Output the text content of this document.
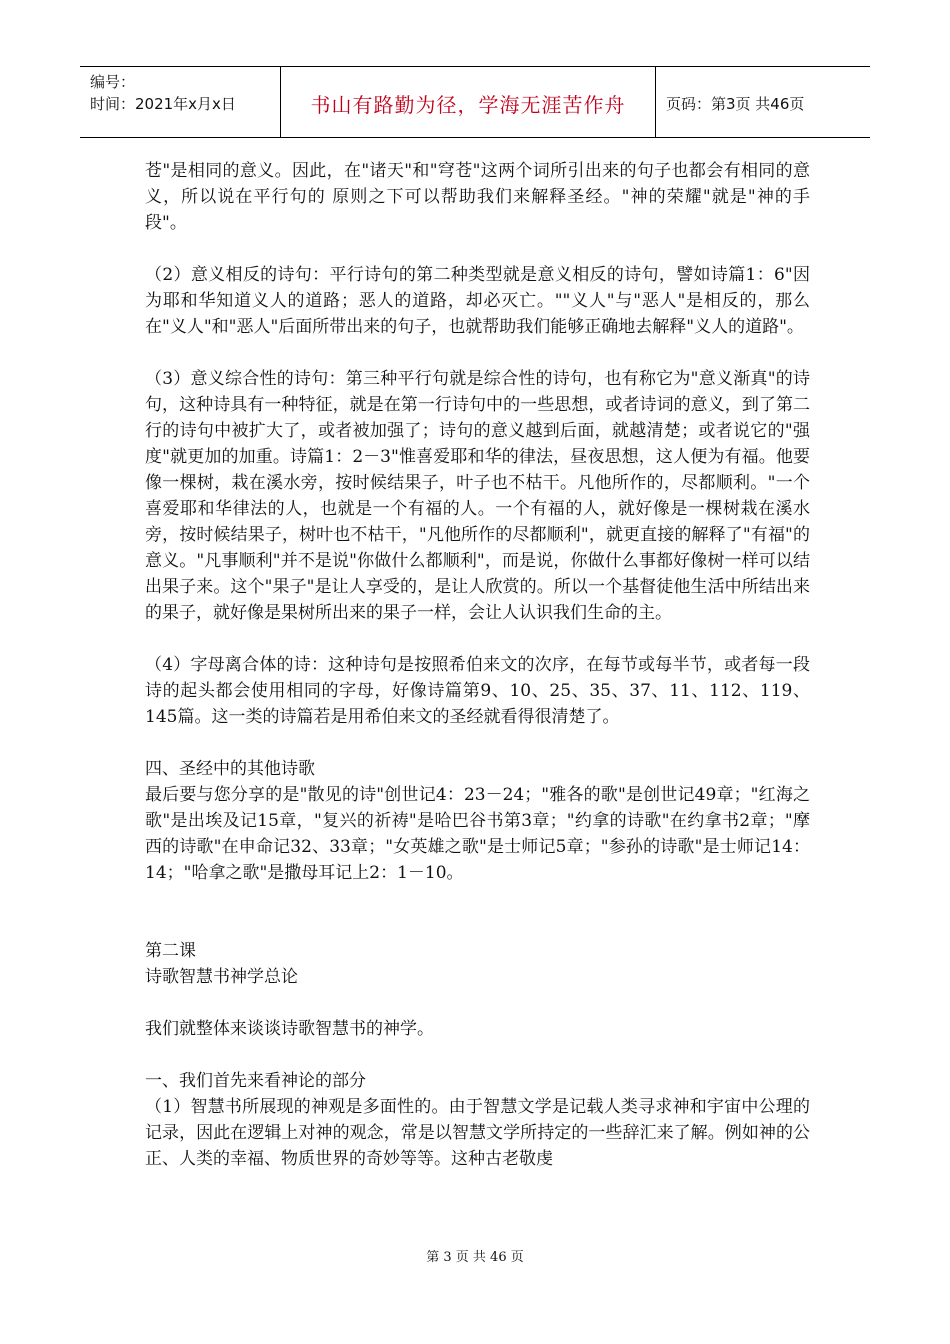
编号：
时间：2021年x月x日	书山有路勤为径，学海无涯苦作舟	页码：第3页 共46页

苍"是相同的意义。因此，在"诸天"和"穹苍"这两个词所引出来的句子也都会有相同的意义，所以说在平行句的 原则之下可以帮助我们来解释圣经。"神的荣耀"就是"神的手段"。

（2）意义相反的诗句：平行诗句的第二种类型就是意义相反的诗句，譬如诗篇1：6"因为耶和华知道义人的道路；恶人的道路，却必灭亡。""义人"与"恶人"是相反的，那么在"义人"和"恶人"后面所带出来的句子，也就帮助我们能够正确地去解释"义人的道路"。

（3）意义综合性的诗句：第三种平行句就是综合性的诗句，也有称它为"意义渐真"的诗句，这种诗具有一种特征，就是在第一行诗句中的一些思想，或者诗词的意义，到了第二行的诗句中被扩大了，或者被加强了；诗句的意义越到后面，就越清楚；或者说它的"强度"就更加的加重。诗篇1：2－3"惟喜爱耶和华的律法，昼夜思想，这人便为有福。他要像一棵树，栽在溪水旁，按时候结果子，叶子也不枯干。凡他所作的，尽都顺利。"一个喜爱耶和华律法的人，也就是一个有福的人。一个有福的人，就好像是一棵树栽在溪水旁，按时候结果子，树叶也不枯干，"凡他所作的尽都顺利"，就更直接的解释了"有福"的意义。"凡事顺利"并不是说"你做什么都顺利"，而是说，你做什么事都好像树一样可以结出果子来。这个"果子"是让人享受的，是让人欣赏的。所以一个基督徒他生活中所结出来的果子，就好像是果树所出来的果子一样，会让人认识我们生命的主。

（4）字母离合体的诗：这种诗句是按照希伯来文的次序，在每节或每半节，或者每一段诗的起头都会使用相同的字母，好像诗篇第9、10、25、35、37、11、112、119、145篇。这一类的诗篇若是用希伯来文的圣经就看得很清楚了。

四、圣经中的其他诗歌

最后要与您分享的是"散见的诗"创世记4：23－24；"雅各的歌"是创世记49章；"红海之歌"是出埃及记15章，"复兴的祈祷"是哈巴谷书第3章；"约拿的诗歌"在约拿书2章；"摩西的诗歌"在申命记32、33章；"女英雄之歌"是士师记5章；"参孙的诗歌"是士师记14：14；"哈拿之歌"是撒母耳记上2：1－10。

第二课

诗歌智慧书神学总论

我们就整体来谈谈诗歌智慧书的神学。

一、我们首先来看神论的部分

（1）智慧书所展现的神观是多面性的。由于智慧文学是记载人类寻求神和宇宙中公理的记录，因此在逻辑上对神的观念，常是以智慧文学所持定的一些辞汇来了解。例如神的公正、人类的幸福、物质世界的奇妙等等。这种古老敬虔

第 3 页 共 46 页
